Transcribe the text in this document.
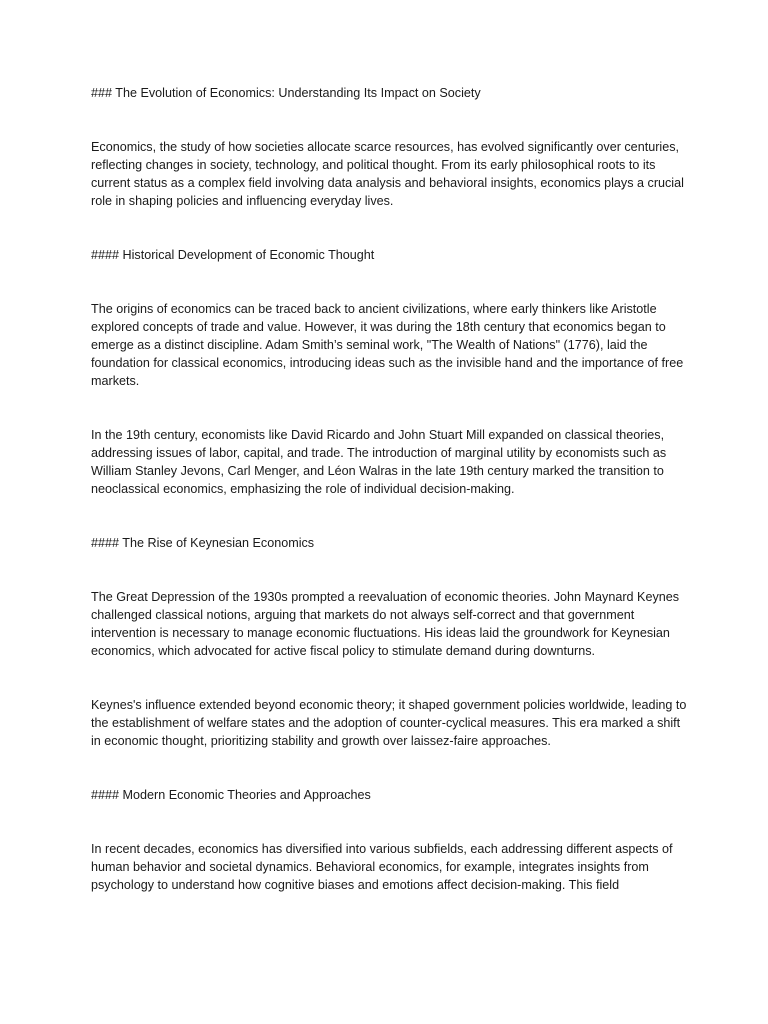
### The Evolution of Economics: Understanding Its Impact on Society

Economics, the study of how societies allocate scarce resources, has evolved significantly over centuries, reflecting changes in society, technology, and political thought. From its early philosophical roots to its current status as a complex field involving data analysis and behavioral insights, economics plays a crucial role in shaping policies and influencing everyday lives.

#### Historical Development of Economic Thought

The origins of economics can be traced back to ancient civilizations, where early thinkers like Aristotle explored concepts of trade and value. However, it was during the 18th century that economics began to emerge as a distinct discipline. Adam Smith’s seminal work, "The Wealth of Nations" (1776), laid the foundation for classical economics, introducing ideas such as the invisible hand and the importance of free markets.

In the 19th century, economists like David Ricardo and John Stuart Mill expanded on classical theories, addressing issues of labor, capital, and trade. The introduction of marginal utility by economists such as William Stanley Jevons, Carl Menger, and Léon Walras in the late 19th century marked the transition to neoclassical economics, emphasizing the role of individual decision-making.

#### The Rise of Keynesian Economics

The Great Depression of the 1930s prompted a reevaluation of economic theories. John Maynard Keynes challenged classical notions, arguing that markets do not always self-correct and that government intervention is necessary to manage economic fluctuations. His ideas laid the groundwork for Keynesian economics, which advocated for active fiscal policy to stimulate demand during downturns.

Keynes's influence extended beyond economic theory; it shaped government policies worldwide, leading to the establishment of welfare states and the adoption of counter-cyclical measures. This era marked a shift in economic thought, prioritizing stability and growth over laissez-faire approaches.

#### Modern Economic Theories and Approaches

In recent decades, economics has diversified into various subfields, each addressing different aspects of human behavior and societal dynamics. Behavioral economics, for example, integrates insights from psychology to understand how cognitive biases and emotions affect decision-making. This field
